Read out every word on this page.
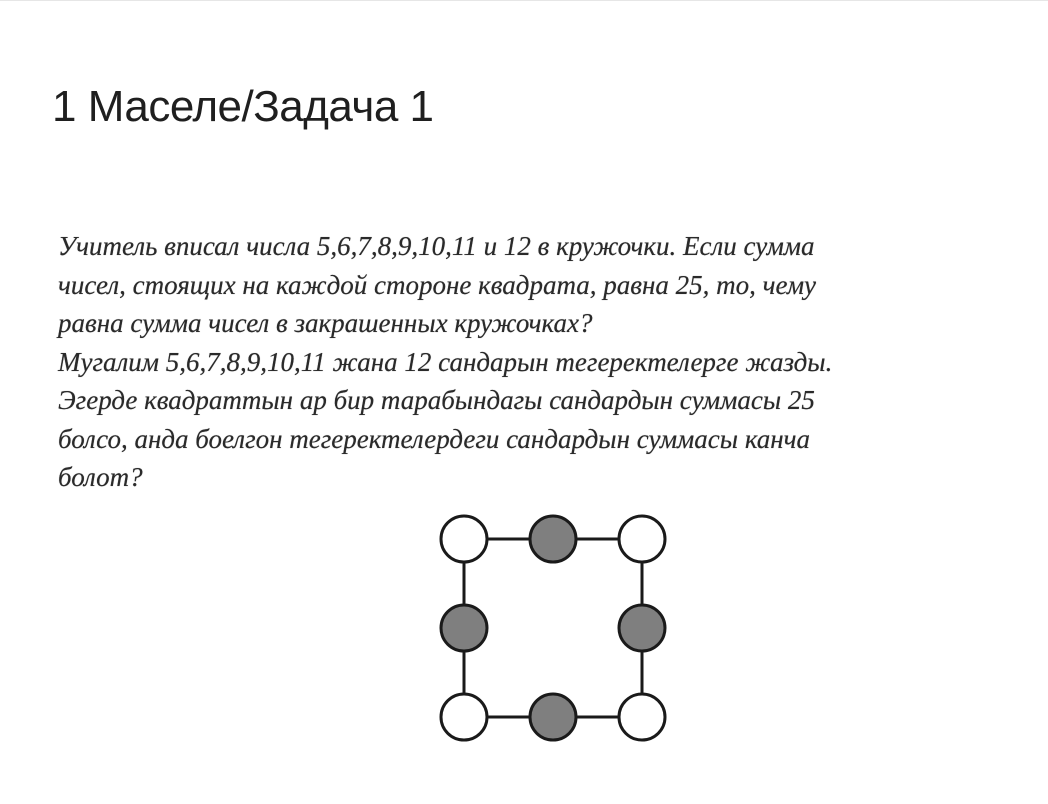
1 Маселе/Задача 1
Учитель вписал числа 5,6,7,8,9,10,11 и 12 в кружочки. Если сумма
чисел, стоящих на каждой стороне квадрата, равна 25, то, чему
равна сумма чисел в закрашенных кружочках?
Мугалим 5,6,7,8,9,10,11 жана 12 сандарын тегеректелерге жазды.
Эгерде квадраттын ар бир тарабындагы сандардын суммасы 25
болсо, анда боелгон тегеректелердеги сандардын суммасы канча
болот?
